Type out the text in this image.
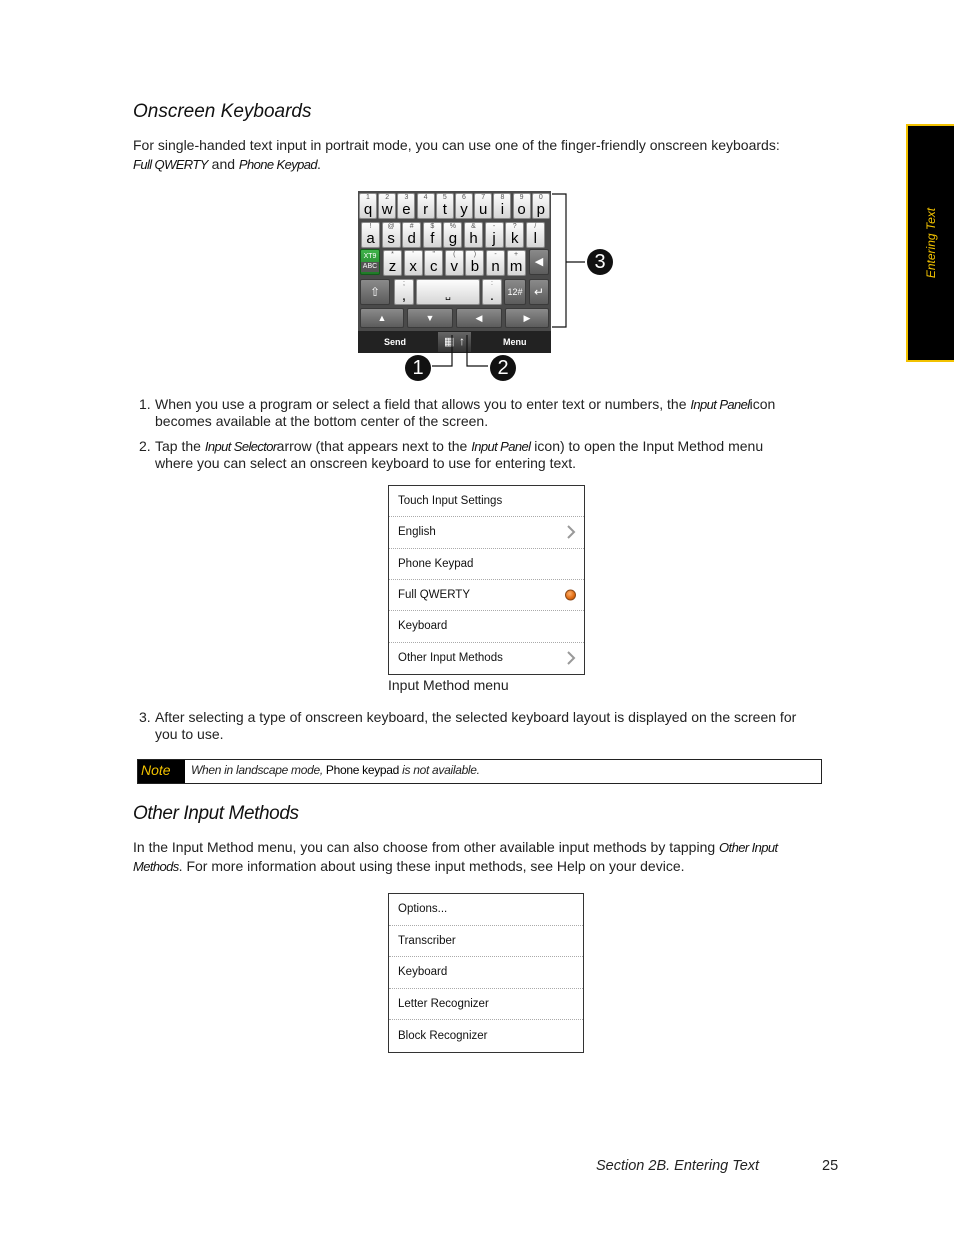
Entering Text
Onscreen Keyboards

For single-handed text input in portrait mode, you can use one of the finger-friendly onscreen keyboards:
Full QWERTY and Phone Keypad.

XT9
ABC	◀
⇧
;
,	␣
:
.	12# ↵
▲	▼	◀	▶
1
q
2
w
3
e
4
r
5
t
6
y
7
u
8
i
9
o
0
p
!
a
@
s
#
d
$
f
%
g
&
h
-
j
?
k
/
l
*
z
'
x
"
c
(
v
)
b
-
n
+
m
Send	▦ ↑	Menu
1	2
3
1. When you use a program or select a field that allows you to enter text or numbers, the Input Panelicon
becomes available at the bottom center of the screen.

2. Tap the Input Selectorarrow (that appears next to the Input Panel icon) to open the Input Method menu
where you can select an onscreen keyboard to use for entering text.

Touch Input Settings
English
Phone Keypad
Full QWERTY
Keyboard
Other Input Methods
Input Method menu
3. After selecting a type of onscreen keyboard, the selected keyboard layout is displayed on the screen for
you to use.

Note	When in landscape mode, Phone keypad is not available.
Other Input Methods

In the Input Method menu, you can also choose from other available input methods by tapping Other Input
Methods. For more information about using these input methods, see Help on your device.

Options...
Transcriber
Keyboard
Letter Recognizer
Block Recognizer
Section 2B. Entering Text	25
